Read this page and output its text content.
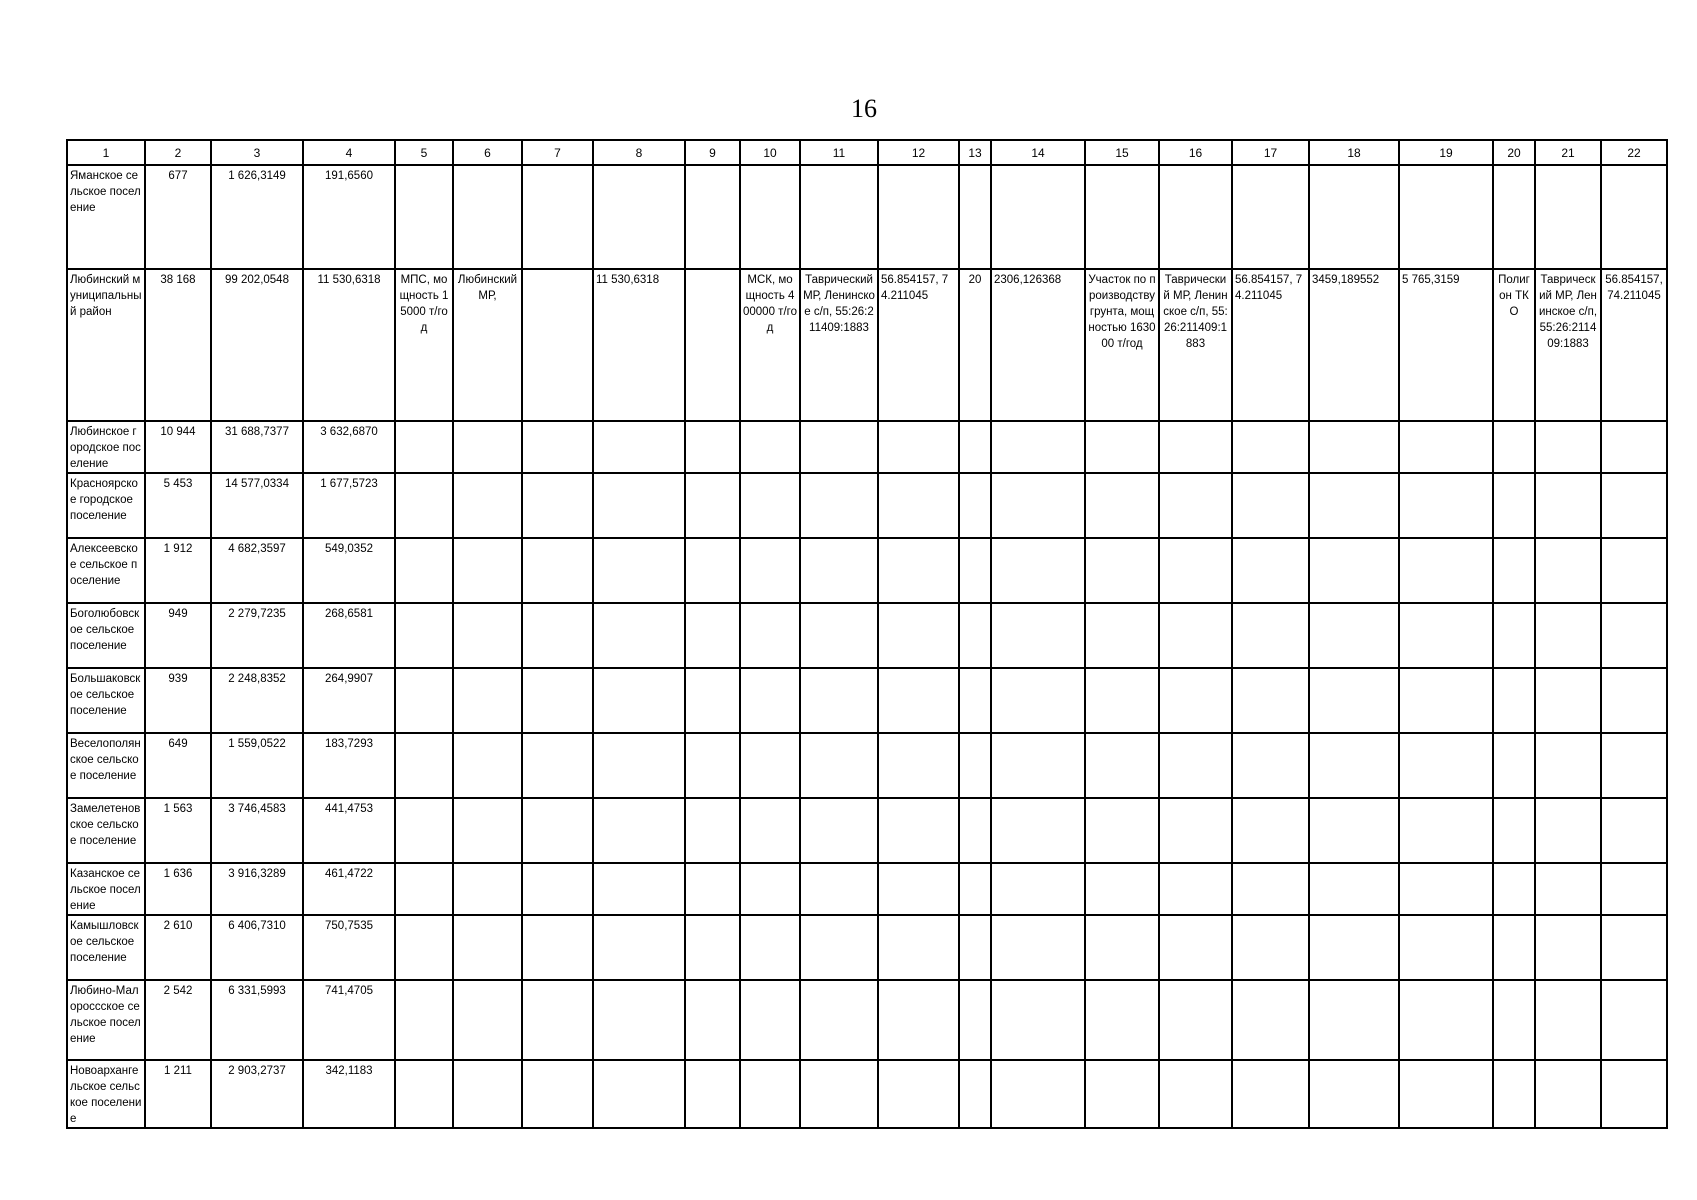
16
1	2	3	4	5	6	7	8	9	10	11	12	13	14	15	16	17	18	19	20	21	22
Ямaнское сельское поселение	677	1 626,3149	191,6560																		
Любинский муниципальный район	38 168	99 202,0548	11 530,6318	МПС, мощность 15000 т/год	Любинский МР,		11 530,6318		МСК, мощность 400000 т/год	Таврический МР, Ленинское с/п, 55:26:211409:1883	56.854157, 74.211045	20	2306,126368	Участок по производству грунта, мощностью 163000 т/год	Таврический МР, Ленинское с/п, 55:26:211409:1883	56.854157, 74.211045	3459,189552	5 765,3159	Полигон ТКО	Таврический МР, Ленинское с/п, 55:26:211409:1883	56.854157, 74.211045
Любинское городское поселение	10 944	31 688,7377	3 632,6870																		
Красноярское городское поселение	5 453	14 577,0334	1 677,5723																		
Алексеевское сельское поселение	1 912	4 682,3597	549,0352																		
Боголюбовское сельское поселение	949	2 279,7235	268,6581																		
Большаковское сельское поселение	939	2 248,8352	264,9907																		
Веселополянское сельское поселение	649	1 559,0522	183,7293																		
Замелетеновское сельское поселение	1 563	3 746,4583	441,4753																		
Казанское сельское поселение	1 636	3 916,3289	461,4722																		
Камышловское сельское поселение	2 610	6 406,7310	750,7535																		
Любино-Малороссское сельское поселение	2 542	6 331,5993	741,4705																		
Новоархангельское сельское поселение	1 211	2 903,2737	342,1183																		
